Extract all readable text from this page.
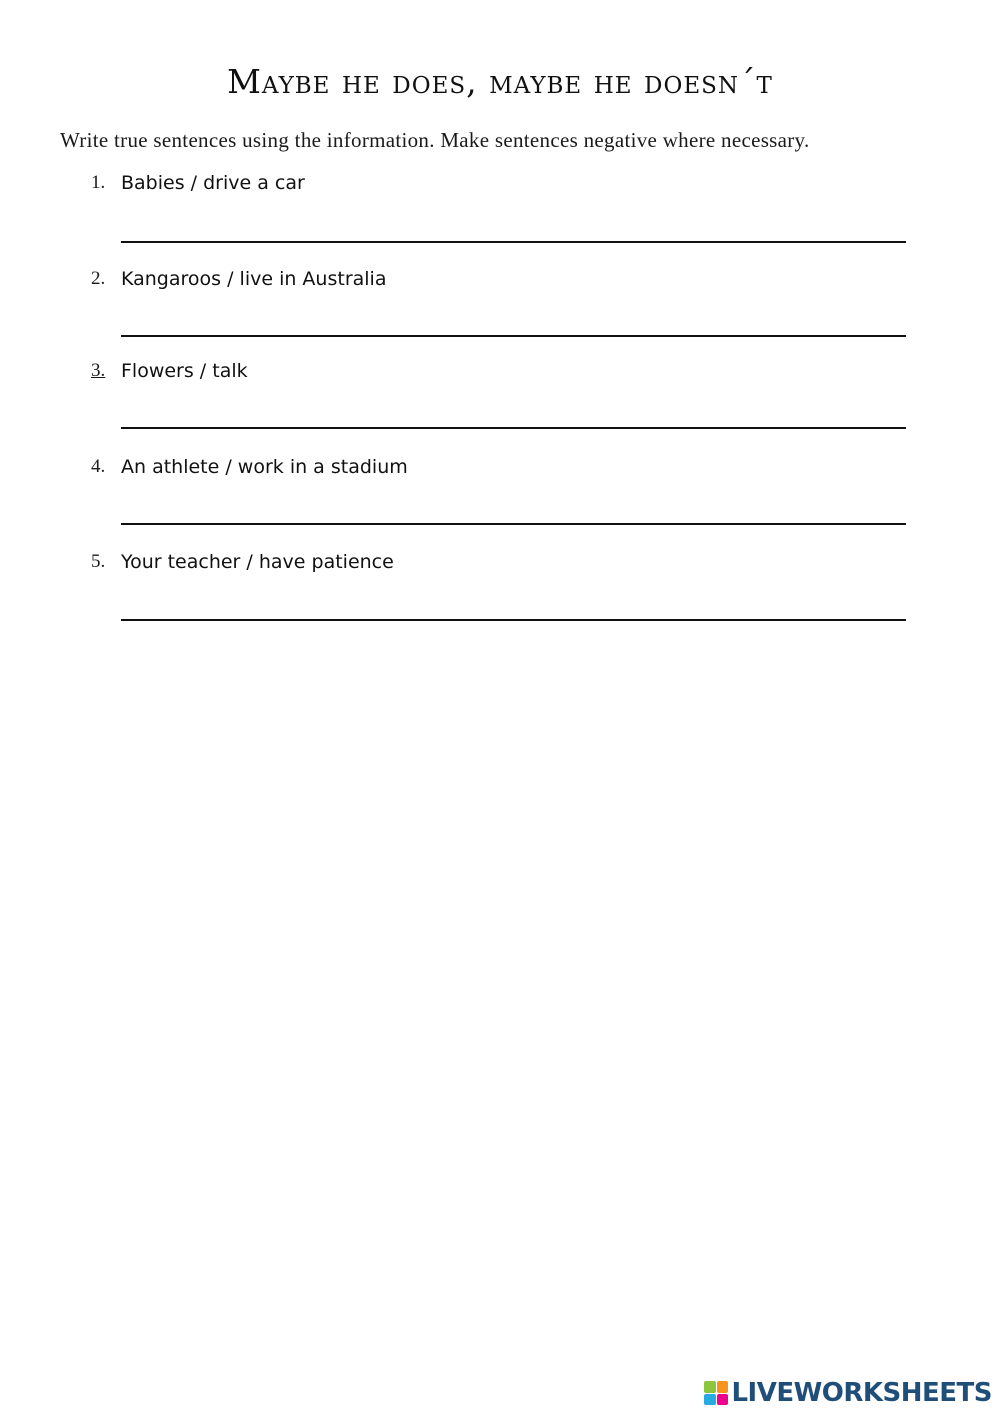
Maybe he does, maybe he doesn´t
Write true sentences using the information. Make sentences negative where necessary.
1. Babies / drive a car
2. Kangaroos / live in Australia
3. Flowers / talk
4. An athlete / work in a stadium
5. Your teacher / have patience
LIVEWORKSHEETS
